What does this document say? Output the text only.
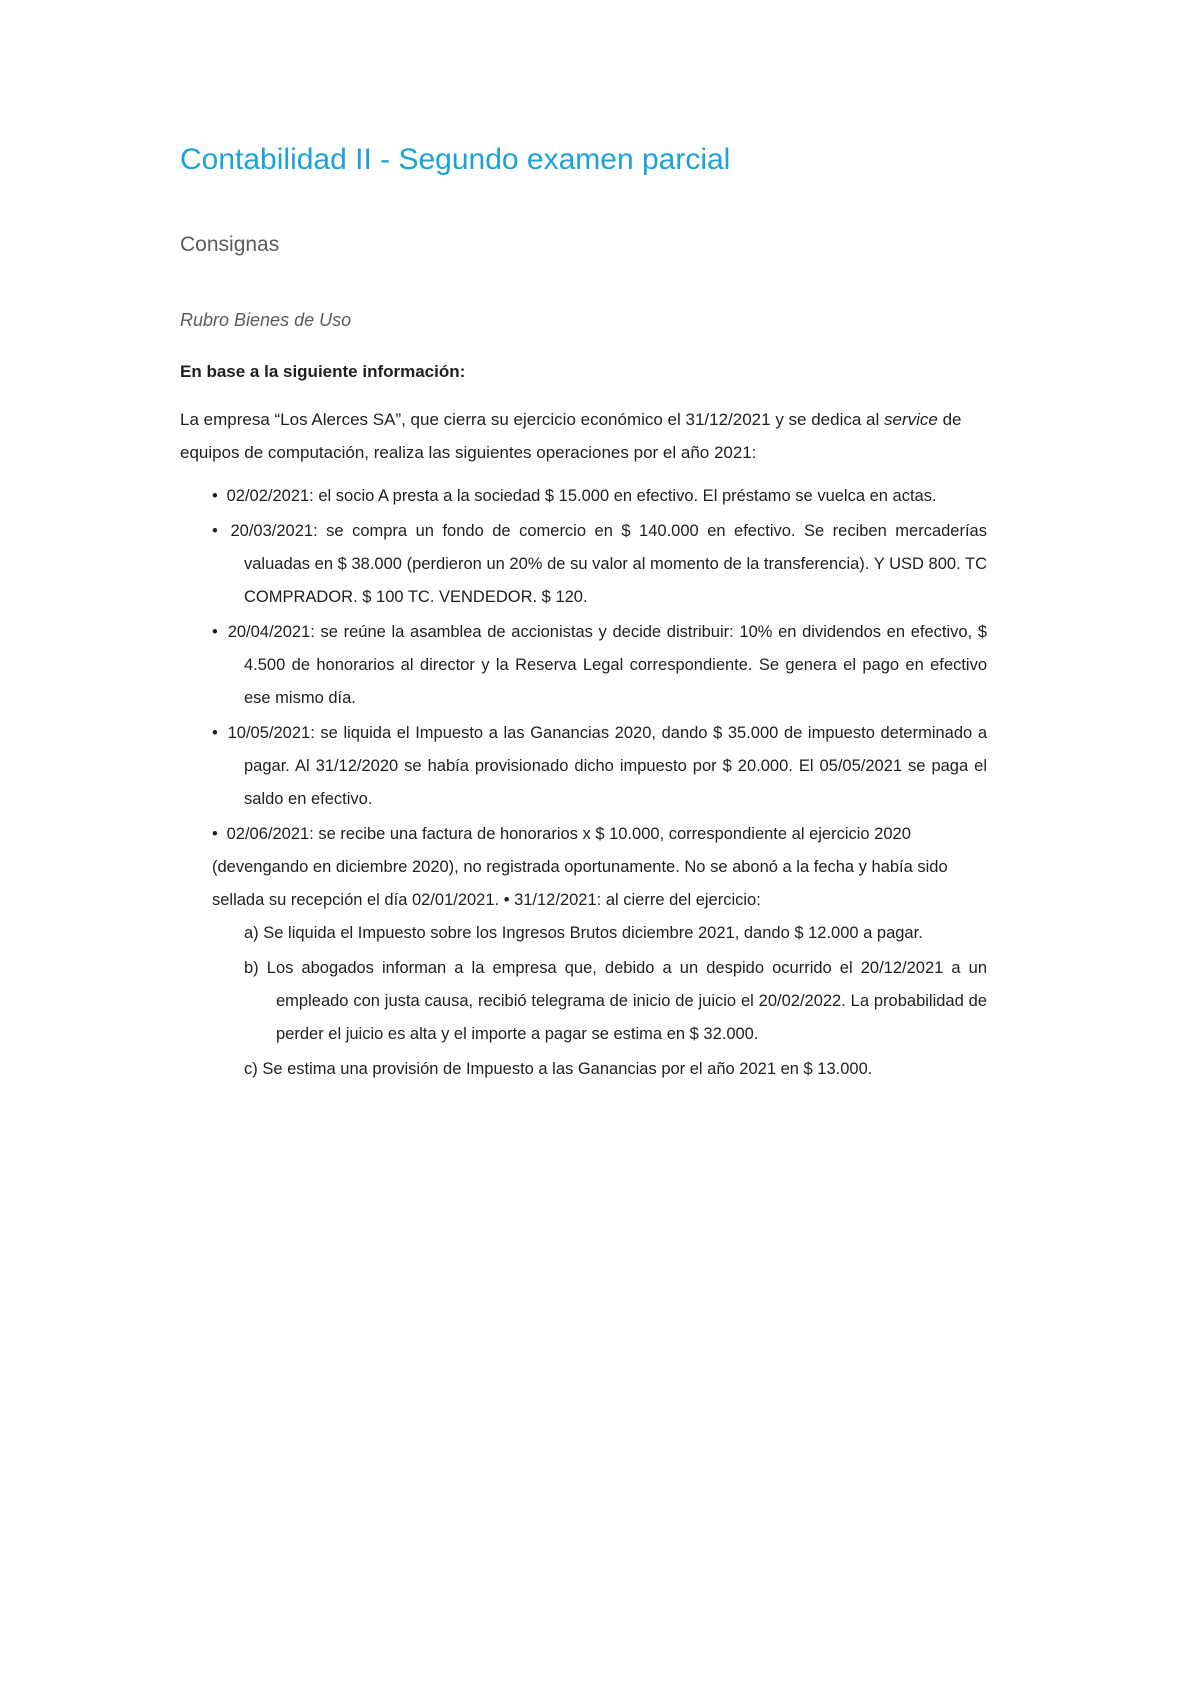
Contabilidad II - Segundo examen parcial
Consignas
Rubro Bienes de Uso

En base a la siguiente información:

La empresa “Los Alerces SA”, que cierra su ejercicio económico el 31/12/2021 y se dedica al service de equipos de computación, realiza las siguientes operaciones por el año 2021:

• 02/02/2021: el socio A presta a la sociedad $ 15.000 en efectivo. El préstamo se vuelca en actas.
• 20/03/2021: se compra un fondo de comercio en $ 140.000 en efectivo. Se reciben mercaderías valuadas en $ 38.000 (perdieron un 20% de su valor al momento de la transferencia). Y USD 800. TC COMPRADOR. $ 100 TC. VENDEDOR. $ 120.
• 20/04/2021: se reúne la asamblea de accionistas y decide distribuir: 10% en dividendos en efectivo, $ 4.500 de honorarios al director y la Reserva Legal correspondiente. Se genera el pago en efectivo ese mismo día.
• 10/05/2021: se liquida el Impuesto a las Ganancias 2020, dando $ 35.000 de impuesto determinado a pagar. Al 31/12/2020 se había provisionado dicho impuesto por $ 20.000. El 05/05/2021 se paga el saldo en efectivo.
• 02/06/2021: se recibe una factura de honorarios x $ 10.000, correspondiente al ejercicio 2020 (devengando en diciembre 2020), no registrada oportunamente. No se abonó a la fecha y había sido sellada su recepción el día 02/01/2021. • 31/12/2021: al cierre del ejercicio:
a) Se liquida el Impuesto sobre los Ingresos Brutos diciembre 2021, dando $ 12.000 a pagar.
b) Los abogados informan a la empresa que, debido a un despido ocurrido el 20/12/2021 a un empleado con justa causa, recibió telegrama de inicio de juicio el 20/02/2022. La probabilidad de perder el juicio es alta y el importe a pagar se estima en $ 32.000.
c) Se estima una provisión de Impuesto a las Ganancias por el año 2021 en $ 13.000.
